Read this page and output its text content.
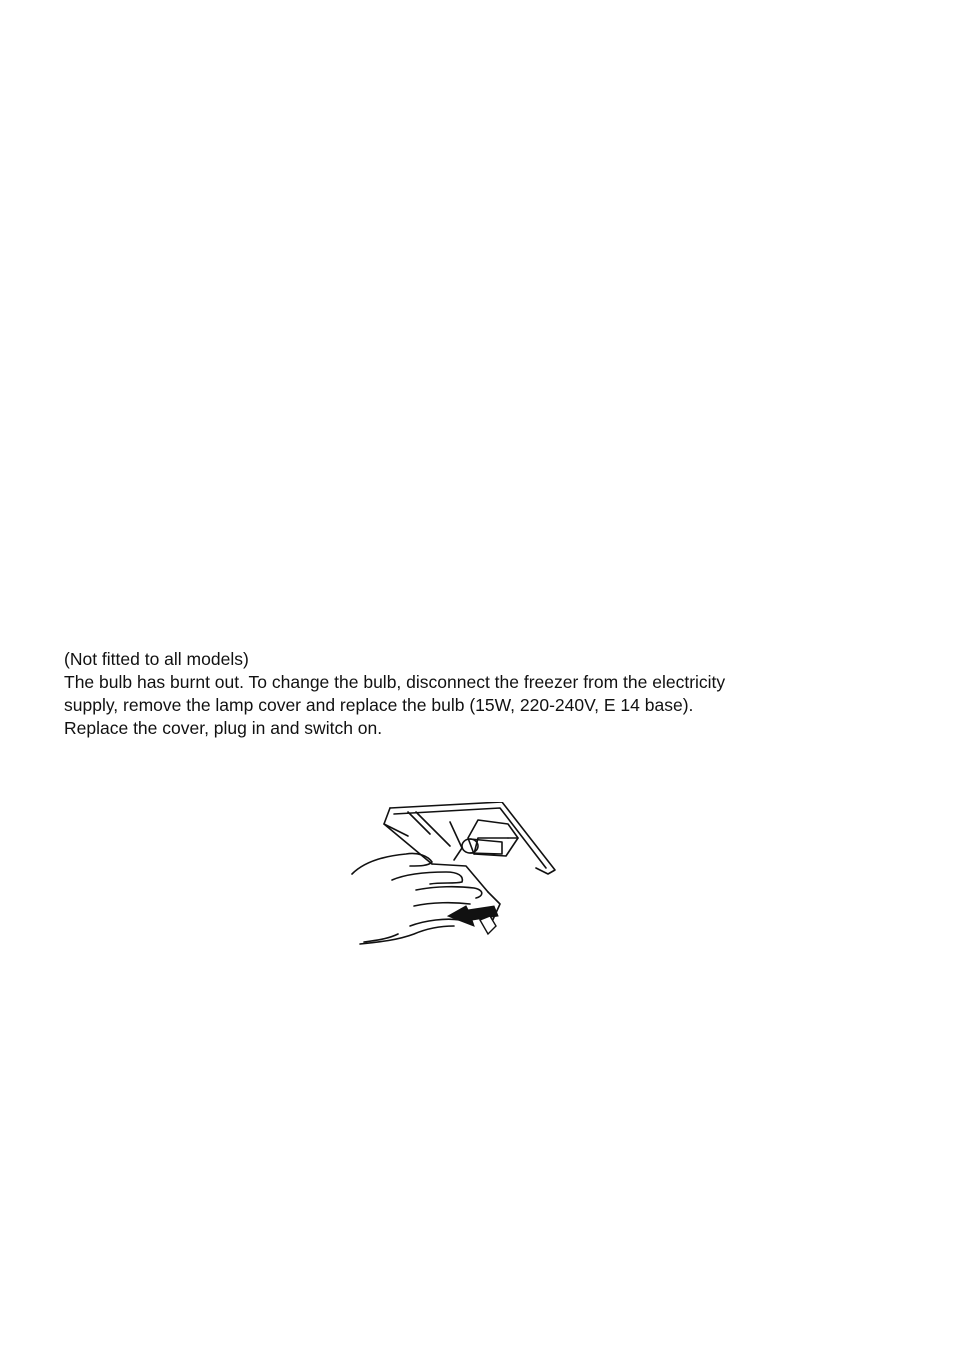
(Not fitted to all models)

The bulb has burnt out. To change the bulb, disconnect the freezer from the electricity

supply, remove the lamp cover and replace the bulb (15W, 220-240V, E 14 base).

Replace the cover, plug in and switch on.
